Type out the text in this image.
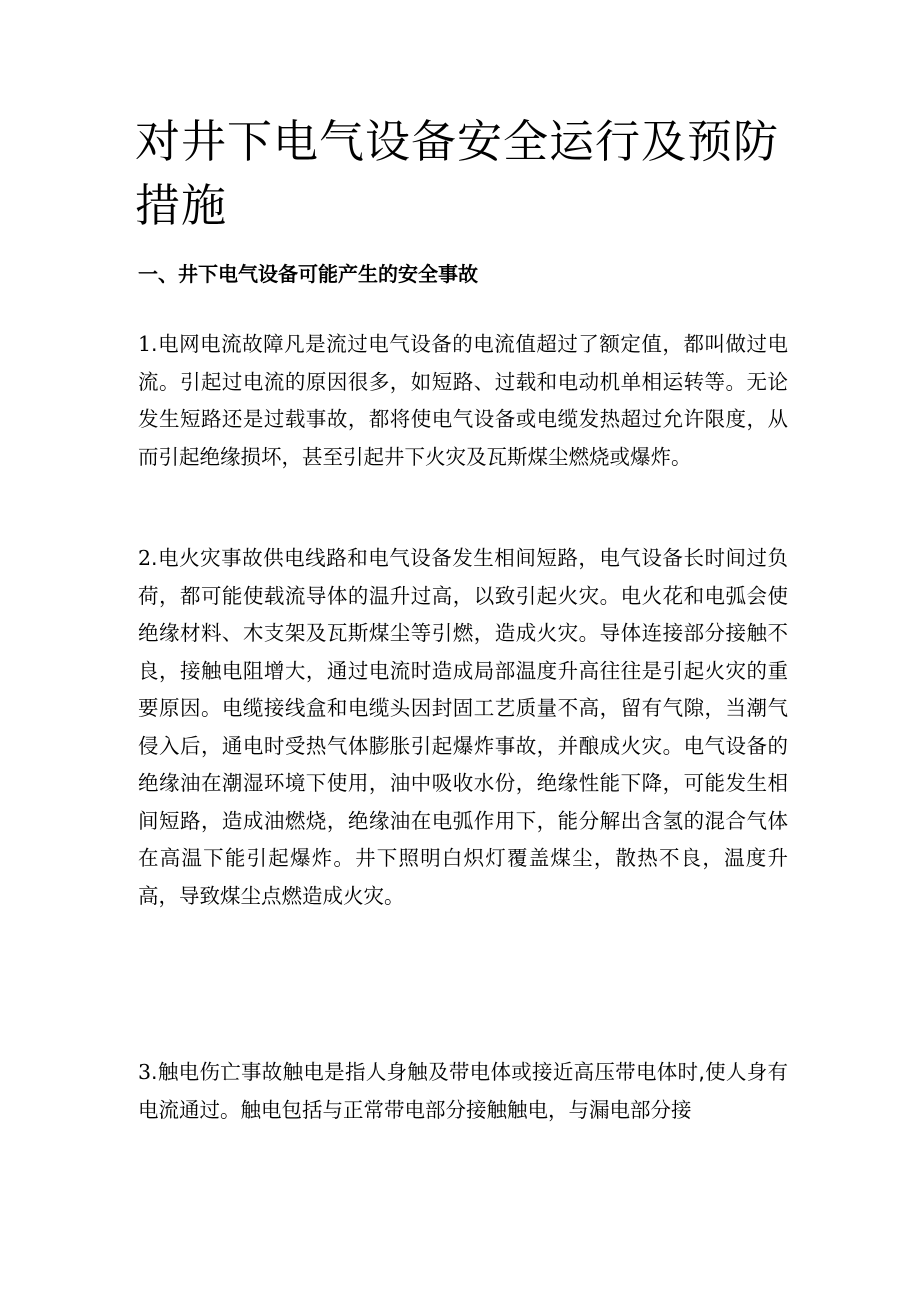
对井下电气设备安全运行及预防措施
一、井下电气设备可能产生的安全事故

1.电网电流故障凡是流过电气设备的电流值超过了额定值，都叫做过电流。引起过电流的原因很多，如短路、过载和电动机单相运转等。无论发生短路还是过载事故，都将使电气设备或电缆发热超过允许限度，从而引起绝缘损坏，甚至引起井下火灾及瓦斯煤尘燃烧或爆炸。

2.电火灾事故供电线路和电气设备发生相间短路，电气设备长时间过负荷，都可能使载流导体的温升过高，以致引起火灾。电火花和电弧会使绝缘材料、木支架及瓦斯煤尘等引燃，造成火灾。导体连接部分接触不良，接触电阻增大，通过电流时造成局部温度升高往往是引起火灾的重要原因。电缆接线盒和电缆头因封固工艺质量不高，留有气隙，当潮气侵入后，通电时受热气体膨胀引起爆炸事故，并酿成火灾。电气设备的绝缘油在潮湿环境下使用，油中吸收水份，绝缘性能下降，可能发生相间短路，造成油燃烧，绝缘油在电弧作用下，能分解出含氢的混合气体在高温下能引起爆炸。井下照明白炽灯覆盖煤尘，散热不良，温度升高，导致煤尘点燃造成火灾。

3.触电伤亡事故触电是指人身触及带电体或接近高压带电体时,使人身有电流通过。触电包括与正常带电部分接触触电，与漏电部分接
